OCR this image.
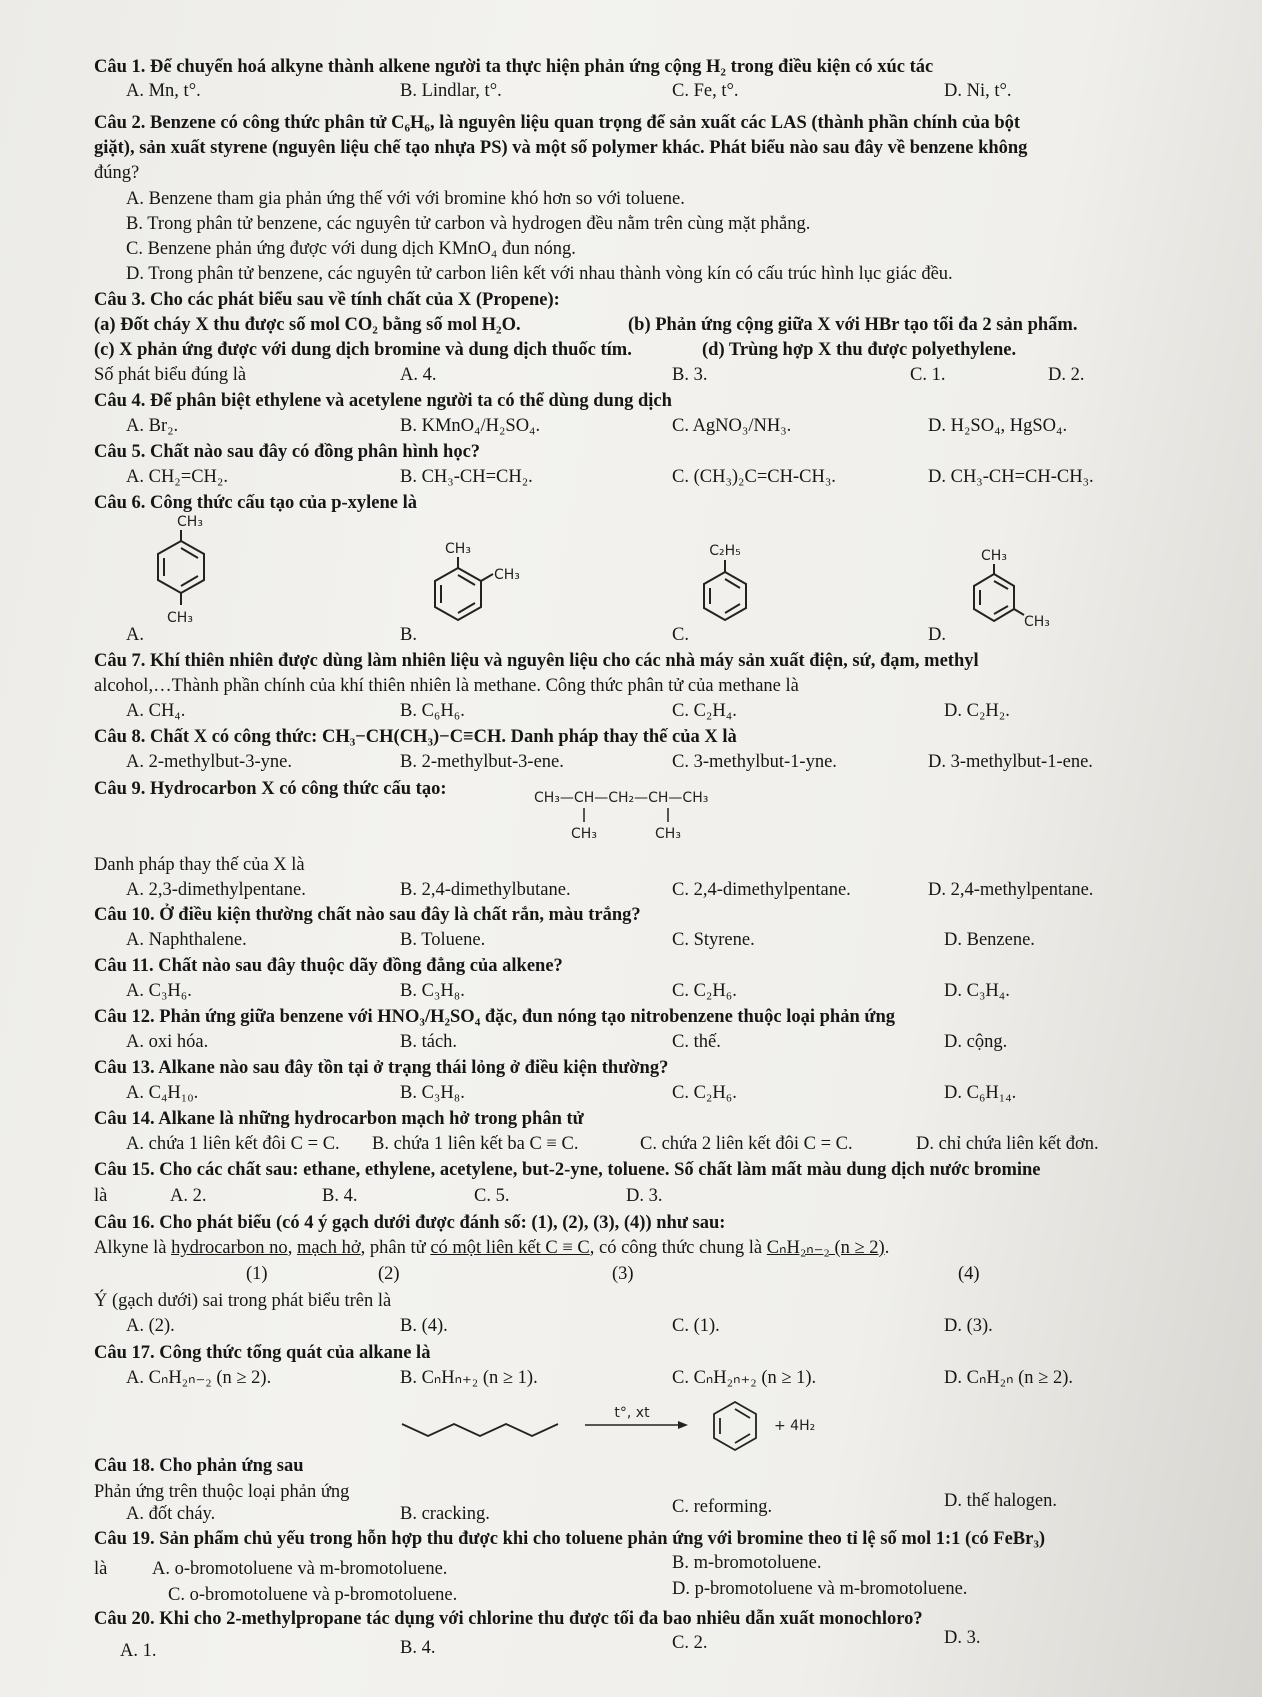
Câu 1. Để chuyển hoá alkyne thành alkene người ta thực hiện phản ứng cộng H₂ trong điều kiện có xúc tác
A. Mn, t°.	B. Lindlar, t°.	C. Fe, t°.	D. Ni, t°.
Câu 2. Benzene có công thức phân tử C₆H₆, là nguyên liệu quan trọng để sản xuất các LAS (thành phần chính của bột
giặt), sản xuất styrene (nguyên liệu chế tạo nhựa PS) và một số polymer khác. Phát biểu nào sau đây về benzene không
đúng?
A. Benzene tham gia phản ứng thế với với bromine khó hơn so với toluene.
B. Trong phân tử benzene, các nguyên tử carbon và hydrogen đều nằm trên cùng mặt phẳng.
C. Benzene phản ứng được với dung dịch KMnO₄ đun nóng.
D. Trong phân tử benzene, các nguyên tử carbon liên kết với nhau thành vòng kín có cấu trúc hình lục giác đều.
Câu 3. Cho các phát biểu sau về tính chất của X (Propene):
(a) Đốt cháy X thu được số mol CO₂ bằng số mol H₂O.	(b) Phản ứng cộng giữa X với HBr tạo tối đa 2 sản phẩm.
(c) X phản ứng được với dung dịch bromine và dung dịch thuốc tím.	(d) Trùng hợp X thu được polyethylene.
Số phát biểu đúng là	A. 4.	B. 3.	C. 1.	D. 2.
Câu 4. Để phân biệt ethylene và acetylene người ta có thể dùng dung dịch
A. Br₂.	B. KMnO₄/H₂SO₄.	C. AgNO₃/NH₃.	D. H₂SO₄, HgSO₄.
Câu 5. Chất nào sau đây có đồng phân hình học?
A. CH₂=CH₂.	B. CH₃-CH=CH₂.	C. (CH₃)₂C=CH-CH₃.	D. CH₃-CH=CH-CH₃.
Câu 6. Công thức cấu tạo của p-xylene là
A.	B.	C.	D.
CH₃
CH₃
CH₃
CH₃
C₂H₅	CH₃
CH₃
Câu 7. Khí thiên nhiên được dùng làm nhiên liệu và nguyên liệu cho các nhà máy sản xuất điện, sứ, đạm, methyl
alcohol,…Thành phần chính của khí thiên nhiên là methane. Công thức phân tử của methane là
A. CH₄.	B. C₆H₆.	C. C₂H₄.	D. C₂H₂.
Câu 8. Chất X có công thức: CH₃−CH(CH₃)−C≡CH. Danh pháp thay thế của X là
A. 2-methylbut-3-yne.	B. 2-methylbut-3-ene.	C. 3-methylbut-1-yne.	D. 3-methylbut-1-ene.
Câu 9. Hydrocarbon X có công thức cấu tạo:	CH₃—CH—CH₂—CH—CH₃
CH₃	CH₃
Danh pháp thay thế của X là
A. 2,3-dimethylpentane.	B. 2,4-dimethylbutane.	C. 2,4-dimethylpentane.	D. 2,4-methylpentane.
Câu 10. Ở điều kiện thường chất nào sau đây là chất rắn, màu trắng?
A. Naphthalene.	B. Toluene.	C. Styrene.	D. Benzene.
Câu 11. Chất nào sau đây thuộc dãy đồng đẳng của alkene?
A. C₃H₆.	B. C₃H₈.	C. C₂H₆.	D. C₃H₄.
Câu 12. Phản ứng giữa benzene với HNO₃/H₂SO₄ đặc, đun nóng tạo nitrobenzene thuộc loại phản ứng
A. oxi hóa.	B. tách.	C. thế.	D. cộng.
Câu 13. Alkane nào sau đây tồn tại ở trạng thái lỏng ở điều kiện thường?
A. C₄H₁₀.	B. C₃H₈.	C. C₂H₆.	D. C₆H₁₄.
Câu 14. Alkane là những hydrocarbon mạch hở trong phân tử
A. chứa 1 liên kết đôi C = C. B. chứa 1 liên kết ba C ≡ C.	C. chứa 2 liên kết đôi C = C.	D. chỉ chứa liên kết đơn.
Câu 15. Cho các chất sau: ethane, ethylene, acetylene, but-2-yne, toluene. Số chất làm mất màu dung dịch nước bromine
là	A. 2.	B. 4.	C. 5.	D. 3.
Câu 16. Cho phát biểu (có 4 ý gạch dưới được đánh số: (1), (2), (3), (4)) như sau:
Alkyne là hydrocarbon no, mạch hở, phân tử có một liên kết C ≡ C, có công thức chung là CₙH₂ₙ₋₂ (n ≥ 2).
(1)	(2)	(3)	(4)
Ý (gạch dưới) sai trong phát biểu trên là
A. (2).	B. (4).	C. (1).	D. (3).
Câu 17. Công thức tổng quát của alkane là
A. CₙH₂ₙ₋₂ (n ≥ 2).	B. CₙHₙ₊₂ (n ≥ 1).	C. CₙH₂ₙ₊₂ (n ≥ 1).	D. CₙH₂ₙ (n ≥ 2).
t°, xt
+ 4H₂
Câu 18. Cho phản ứng sau
Phản ứng trên thuộc loại phản ứng
A. đốt cháy.	B. cracking.	C. reforming.	D. thế halogen.
Câu 19. Sản phẩm chủ yếu trong hỗn hợp thu được khi cho toluene phản ứng với bromine theo tỉ lệ số mol 1:1 (có FeBr₃)
là A. o-bromotoluene và m-bromotoluene.	B. m-bromotoluene.
C. o-bromotoluene và p-bromotoluene.	D. p-bromotoluene và m-bromotoluene.
Câu 20. Khi cho 2-methylpropane tác dụng với chlorine thu được tối đa bao nhiêu dẫn xuất monochloro?
A. 1.	B. 4.	C. 2.	D. 3.
